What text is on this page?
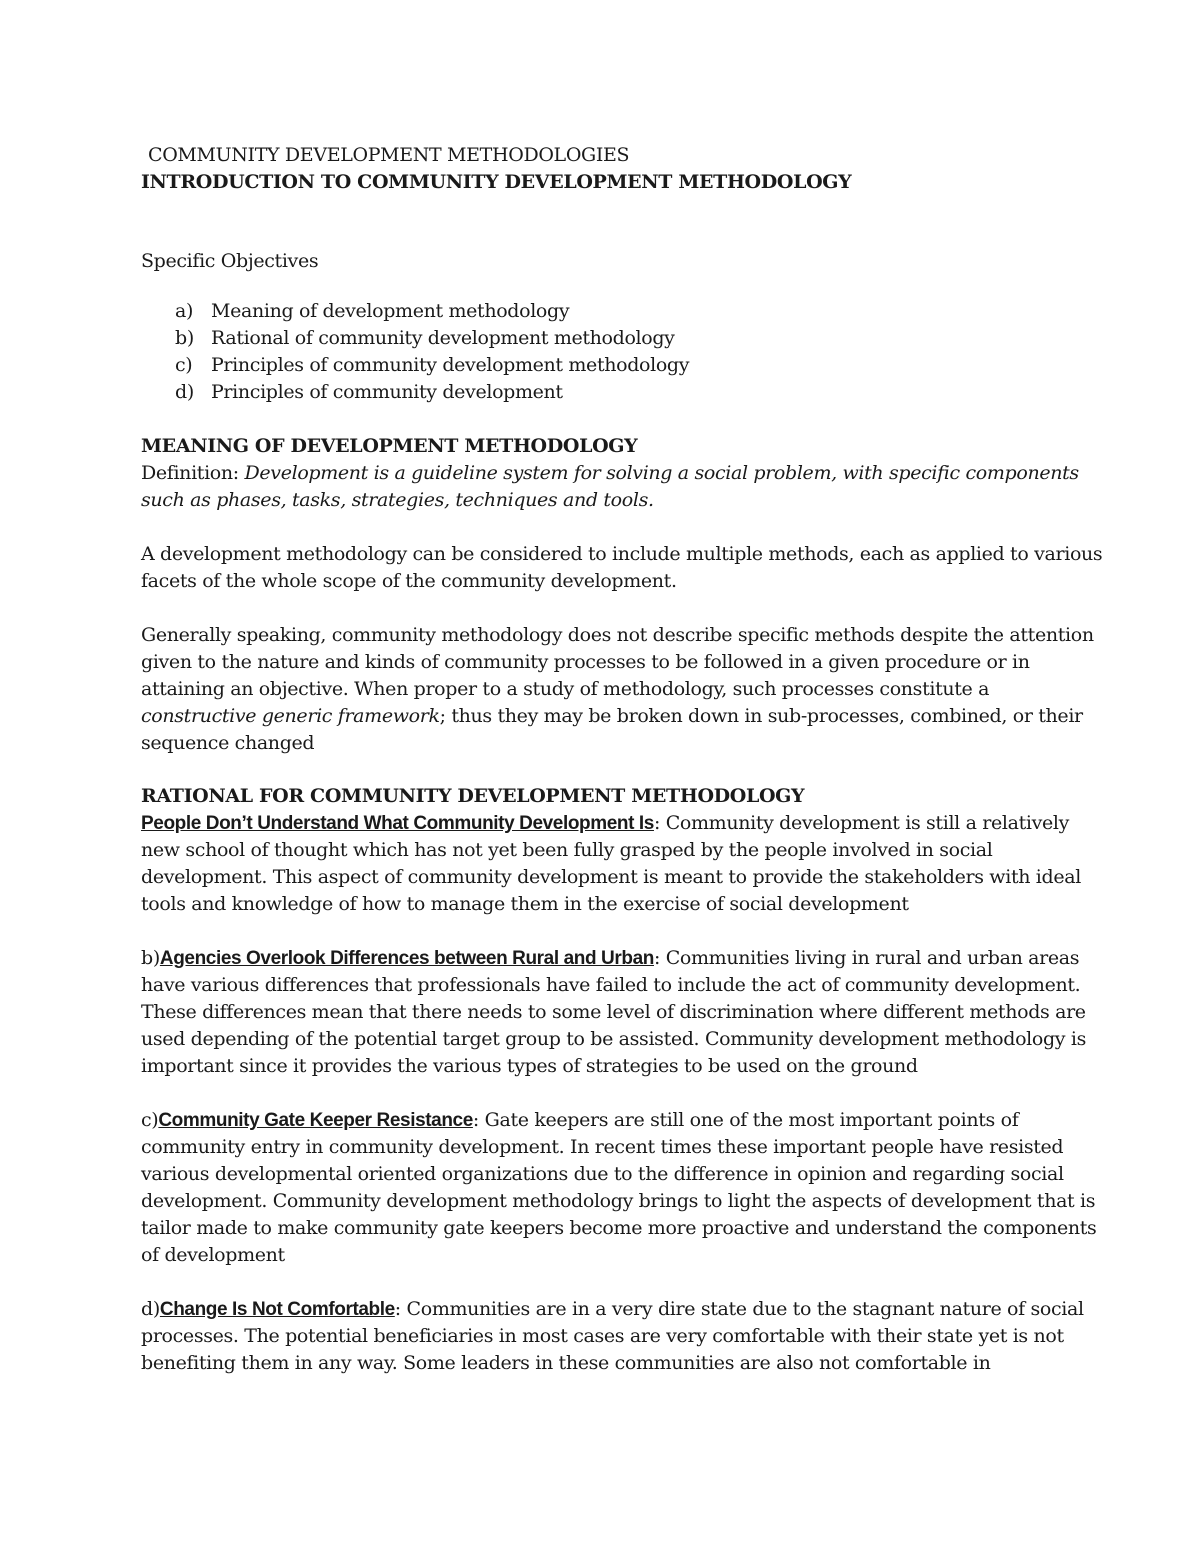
COMMUNITY DEVELOPMENT METHODOLOGIES
INTRODUCTION TO COMMUNITY DEVELOPMENT METHODOLOGY

Specific Objectives

a) Meaning of development methodology
b) Rational of community development methodology
c) Principles of community development methodology
d) Principles of community development
MEANING OF DEVELOPMENT METHODOLOGY

Definition: Development is a guideline system for solving a social problem, with specific components such as phases, tasks, strategies, techniques and tools.

A development methodology can be considered to include multiple methods, each as applied to various facets of the whole scope of the community development.

Generally speaking, community methodology does not describe specific methods despite the attention given to the nature and kinds of community processes to be followed in a given procedure or in attaining an objective. When proper to a study of methodology, such processes constitute a constructive generic framework; thus they may be broken down in sub-processes, combined, or their sequence changed

RATIONAL FOR COMMUNITY DEVELOPMENT METHODOLOGY

People Don’t Understand What Community Development Is: Community development is still a relatively new school of thought which has not yet been fully grasped by the people involved in social development. This aspect of community development is meant to provide the stakeholders with ideal tools and knowledge of how to manage them in the exercise of social development

b)Agencies Overlook Differences between Rural and Urban: Communities living in rural and urban areas have various differences that professionals have failed to include the act of community development. These differences mean that there needs to some level of discrimination where different methods are used depending of the potential target group to be assisted. Community development methodology is important since it provides the various types of strategies to be used on the ground

c)Community Gate Keeper Resistance: Gate keepers are still one of the most important points of community entry in community development. In recent times these important people have resisted various developmental oriented organizations due to the difference in opinion and regarding social development. Community development methodology brings to light the aspects of development that is tailor made to make community gate keepers become more proactive and understand the components of development

d)Change Is Not Comfortable: Communities are in a very dire state due to the stagnant nature of social processes. The potential beneficiaries in most cases are very comfortable with their state yet is not benefiting them in any way. Some leaders in these communities are also not comfortable in
